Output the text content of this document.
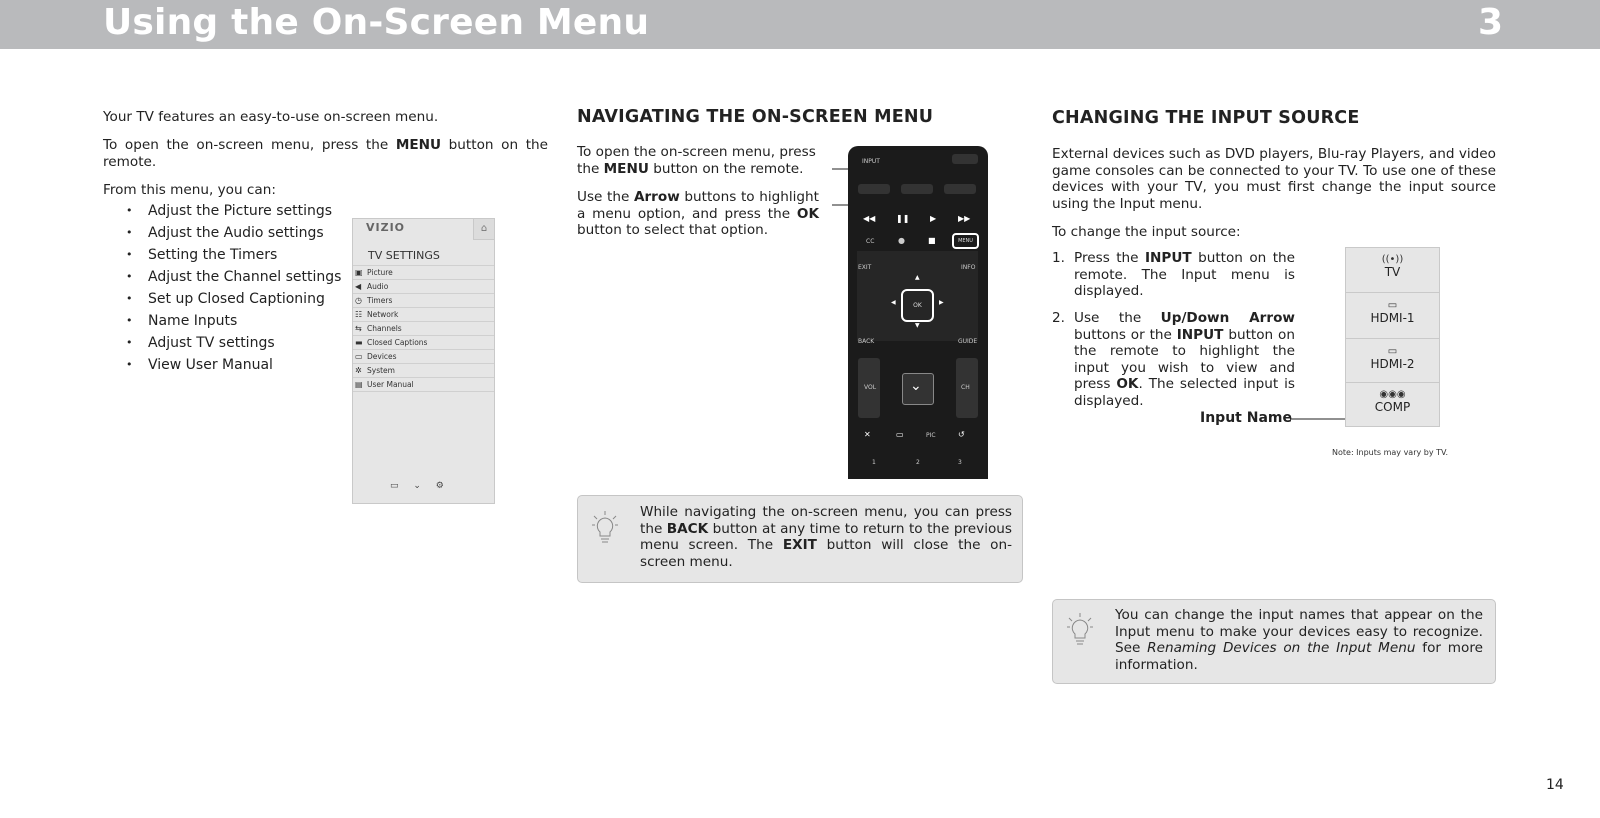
Using the On-Screen Menu	3

Your TV features an easy-to-use on-screen menu.

To open the on-screen menu, press the MENU button on the remote.

From this menu, you can:

• Adjust the Picture settings
• Adjust the Audio settings
• Setting the Timers
• Adjust the Channel settings
• Set up Closed Captioning
• Name Inputs
• Adjust TV settings
• View User Manual
VIZIO	⌂
TV SETTINGS
▣ Picture
◀ Audio
◷ Timers
☷ Network
⇆ Channels
▬ Closed Captions
▭ Devices
✲ System
▤ User Manual
▭ ⌄ ⚙
NAVIGATING THE ON-SCREEN MENU

To open the on-screen menu, press the MENU button on the remote.

Use the Arrow buttons to highlight a menu option, and press the OK button to select that option.

INPUT
◀◀	❚❚	▶	▶▶
CC	●	■	MENU
EXIT	INFO
▲
▼
◀	▶
OK
BACK	GUIDE
VOL	CH
⌄
✕	▭	PIC	↺
1	2	3

While navigating the on-screen menu, you can press the BACK button at any time to return to the previous menu screen. The EXIT button will close the on-screen menu.

CHANGING THE INPUT SOURCE

External devices such as DVD players, Blu-ray Players, and video game consoles can be connected to your TV. To use one of these devices with your TV, you must first change the input source using the Input menu.

To change the input source:

1. Press the INPUT button on the remote. The Input menu is displayed.

2. Use the Up/Down Arrow buttons or the INPUT button on the remote to highlight the input you wish to view and press OK. The selected input is displayed.

Input Name
((•))
TV
▭
HDMI-1
▭
HDMI-2
◉◉◉
COMP
Note: Inputs may vary by TV.

You can change the input names that appear on the Input menu to make your devices easy to recognize. See Renaming Devices on the Input Menu for more information.

14
